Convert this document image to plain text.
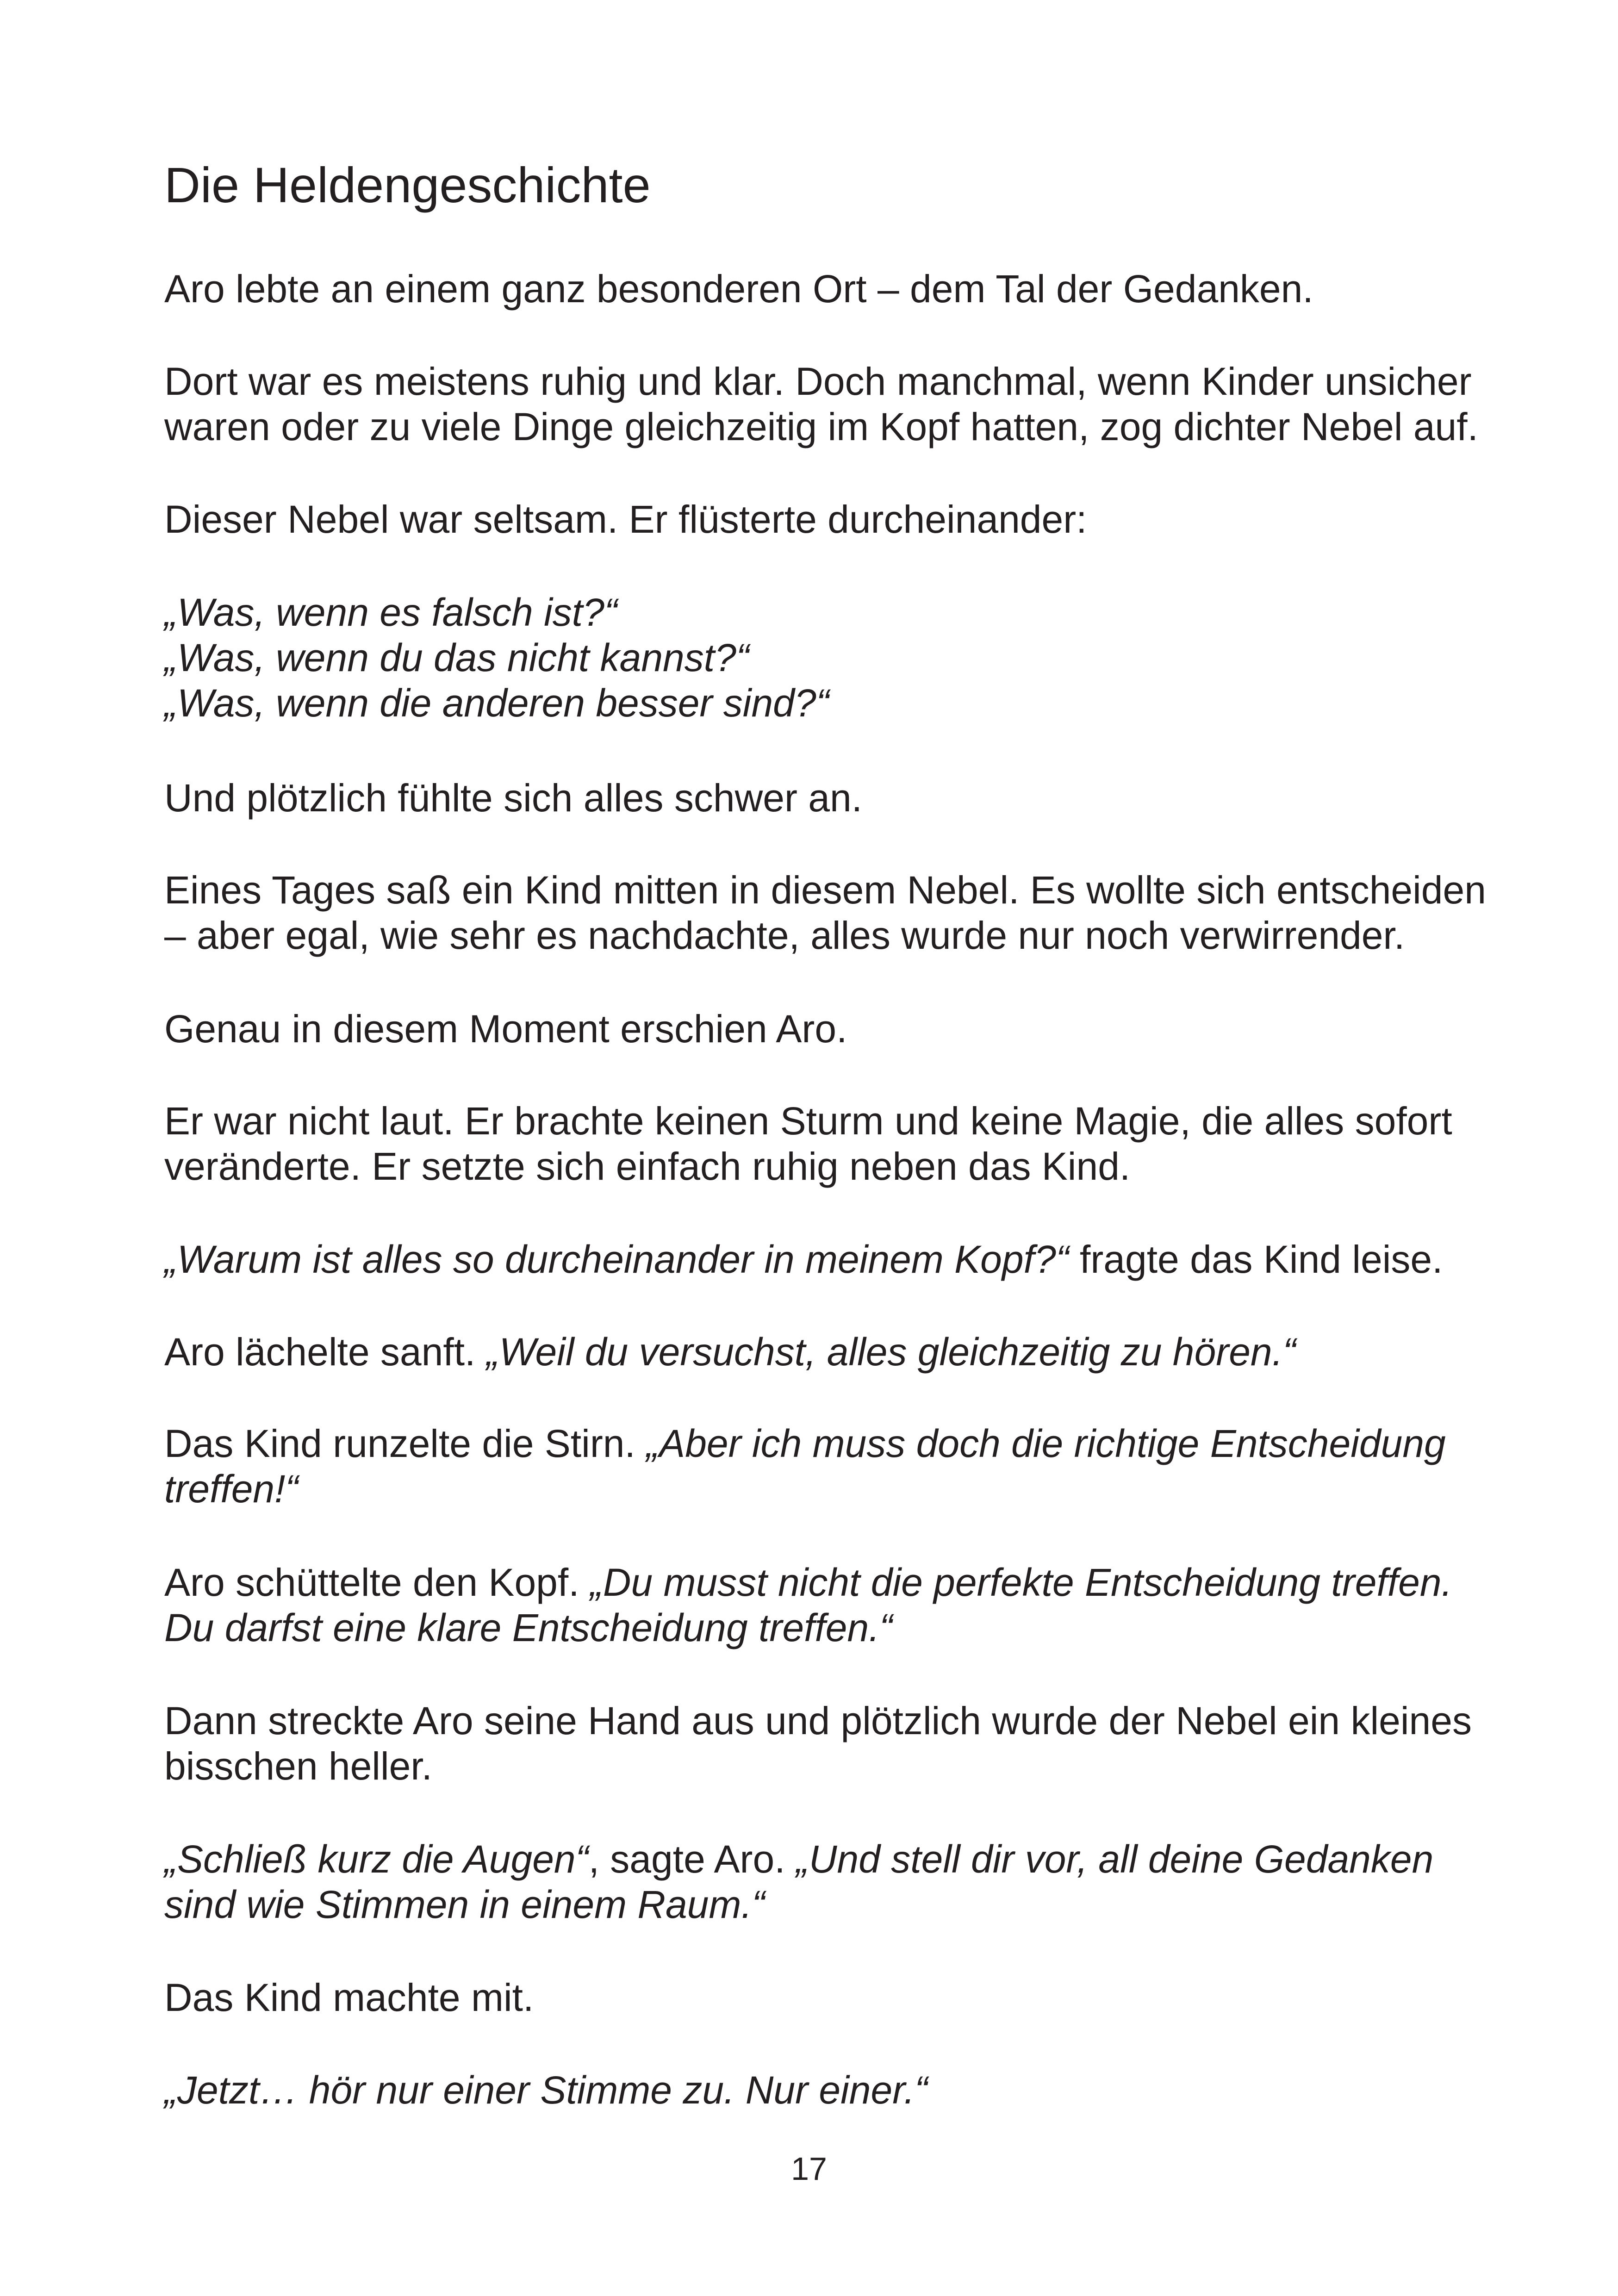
Die Heldengeschichte

Aro lebte an einem ganz besonderen Ort – dem Tal der Gedanken.

Dort war es meistens ruhig und klar. Doch manchmal, wenn Kinder unsicher
waren oder zu viele Dinge gleichzeitig im Kopf hatten, zog dichter Nebel auf.

Dieser Nebel war seltsam. Er flüsterte durcheinander:

„Was, wenn es falsch ist?“
„Was, wenn du das nicht kannst?“
„Was, wenn die anderen besser sind?“

Und plötzlich fühlte sich alles schwer an.

Eines Tages saß ein Kind mitten in diesem Nebel. Es wollte sich entscheiden
– aber egal, wie sehr es nachdachte, alles wurde nur noch verwirrender.

Genau in diesem Moment erschien Aro.

Er war nicht laut. Er brachte keinen Sturm und keine Magie, die alles sofort
veränderte. Er setzte sich einfach ruhig neben das Kind.

„Warum ist alles so durcheinander in meinem Kopf?“ fragte das Kind leise.

Aro lächelte sanft. „Weil du versuchst, alles gleichzeitig zu hören.“

Das Kind runzelte die Stirn. „Aber ich muss doch die richtige Entscheidung
treffen!“

Aro schüttelte den Kopf. „Du musst nicht die perfekte Entscheidung treffen.
Du darfst eine klare Entscheidung treffen.“

Dann streckte Aro seine Hand aus und plötzlich wurde der Nebel ein kleines
bisschen heller.

„Schließ kurz die Augen“, sagte Aro. „Und stell dir vor, all deine Gedanken
sind wie Stimmen in einem Raum.“

Das Kind machte mit.

„Jetzt… hör nur einer Stimme zu. Nur einer.“

17
